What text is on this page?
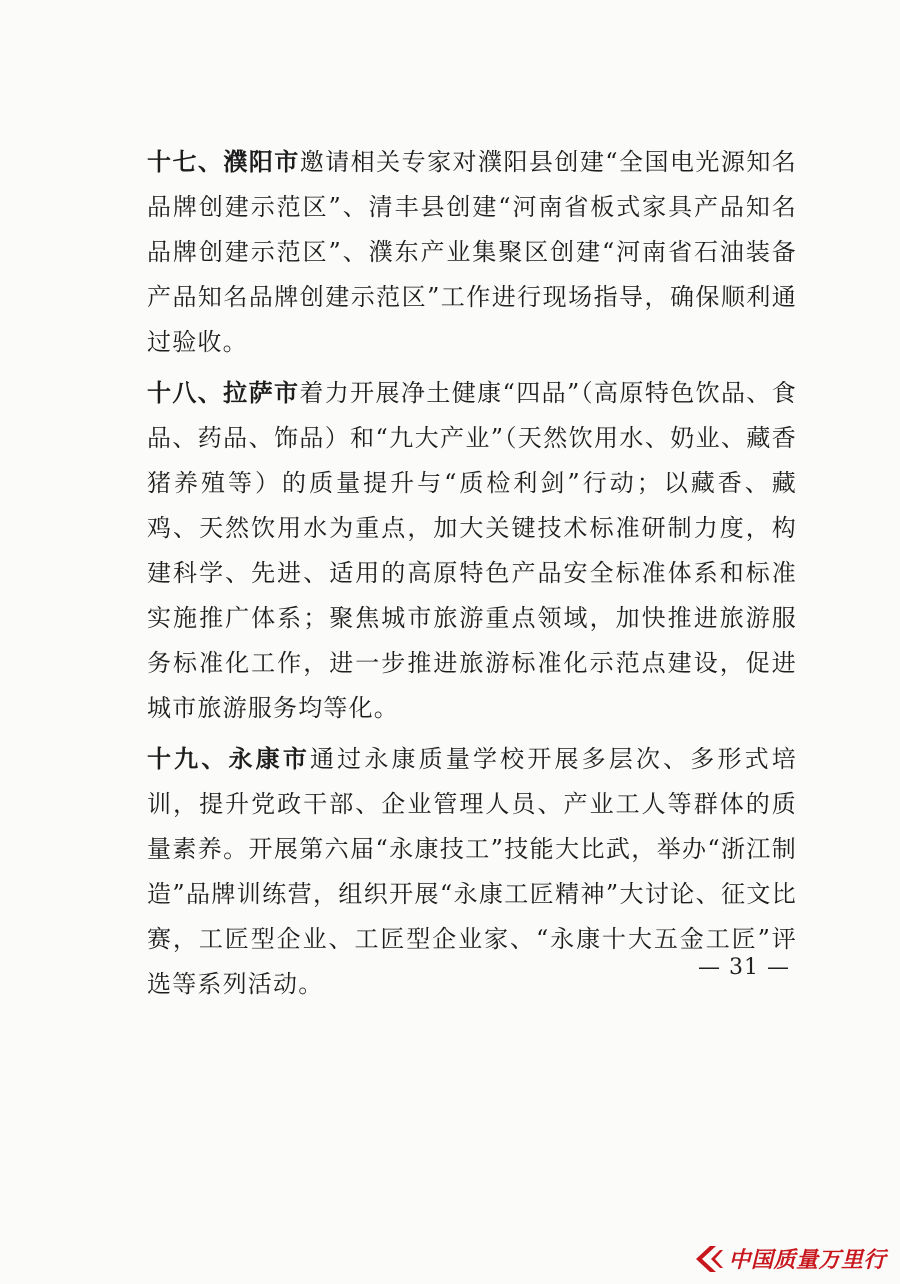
十七、濮阳市邀请相关专家对濮阳县创建“全国电光源知名品牌创建示范区”、清丰县创建“河南省板式家具产品知名品牌创建示范区”、濮东产业集聚区创建“河南省石油装备产品知名品牌创建示范区”工作进行现场指导，确保顺利通过验收。

十八、拉萨市着力开展净土健康“四品”（高原特色饮品、食品、药品、饰品）和“九大产业”（天然饮用水、奶业、藏香猪养殖等）的质量提升与“质检利剑”行动；以藏香、藏鸡、天然饮用水为重点，加大关键技术标准研制力度，构建科学、先进、适用的高原特色产品安全标准体系和标准实施推广体系；聚焦城市旅游重点领域，加快推进旅游服务标准化工作，进一步推进旅游标准化示范点建设，促进城市旅游服务均等化。

十九、永康市通过永康质量学校开展多层次、多形式培训，提升党政干部、企业管理人员、产业工人等群体的质量素养。开展第六届“永康技工”技能大比武，举办“浙江制造”品牌训练营，组织开展“永康工匠精神”大讨论、征文比赛，工匠型企业、工匠型企业家、“永康十大五金工匠”评选等系列活动。

— 31 —
中国质量万里行
